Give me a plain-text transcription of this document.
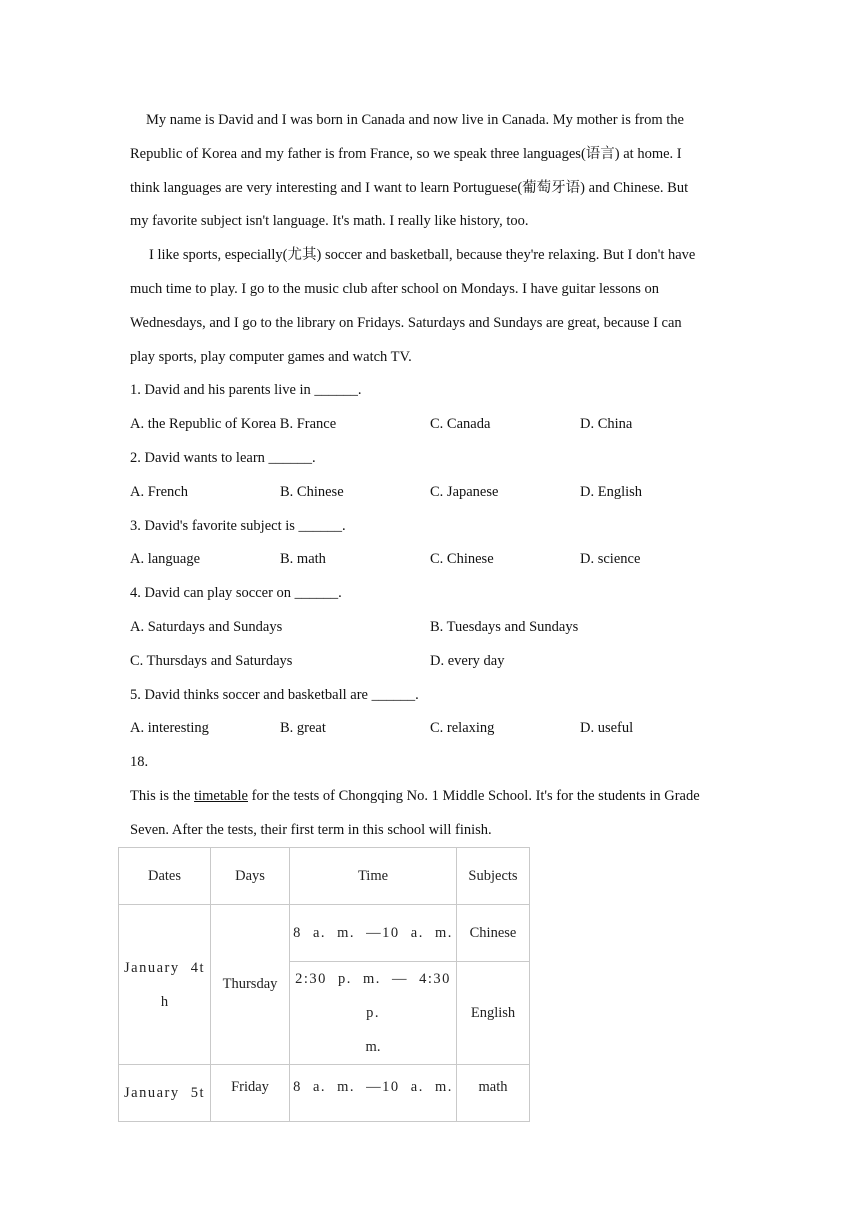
My name is David and I was born in Canada and now live in Canada. My mother is from the
Republic of Korea and my father is from France, so we speak three languages(语言) at home. I
think languages are very interesting and I want to learn Portuguese(葡萄牙语) and Chinese. But
my favorite subject isn't language. It's math. I really like history, too.
I like sports, especially(尤其) soccer and basketball, because they're relaxing. But I don't have
much time to play. I go to the music club after school on Mondays. I have guitar lessons on
Wednesdays, and I go to the library on Fridays. Saturdays and Sundays are great, because I can
play sports, play computer games and watch TV.
1. David and his parents live in ______.
A. the Republic of Korea B. France	C. Canada	D. China
2. David wants to learn ______.
A. French	B. Chinese	C. Japanese	D. English
3. David's favorite subject is ______.
A. language	B. math	C. Chinese	D. science
4. David can play soccer on ______.
A. Saturdays and Sundays	B. Tuesdays and Sundays
C. Thursdays and Saturdays	D. every day
5. David thinks soccer and basketball are ______.
A. interesting	B. great	C. relaxing	D. useful
18.
This is the timetable for the tests of Chongqing No. 1 Middle School. It's for the students in Grade
Seven. After the tests, their first term in this school will finish.
Dates	Days	Time	Subjects

January 4t
h	Thursday	8 a. m. —10 a. m.	Chinese

		2:30 p. m. — 4:30 p.
m.	English
January 5t	Friday	8 a. m. —10 a. m.	math
